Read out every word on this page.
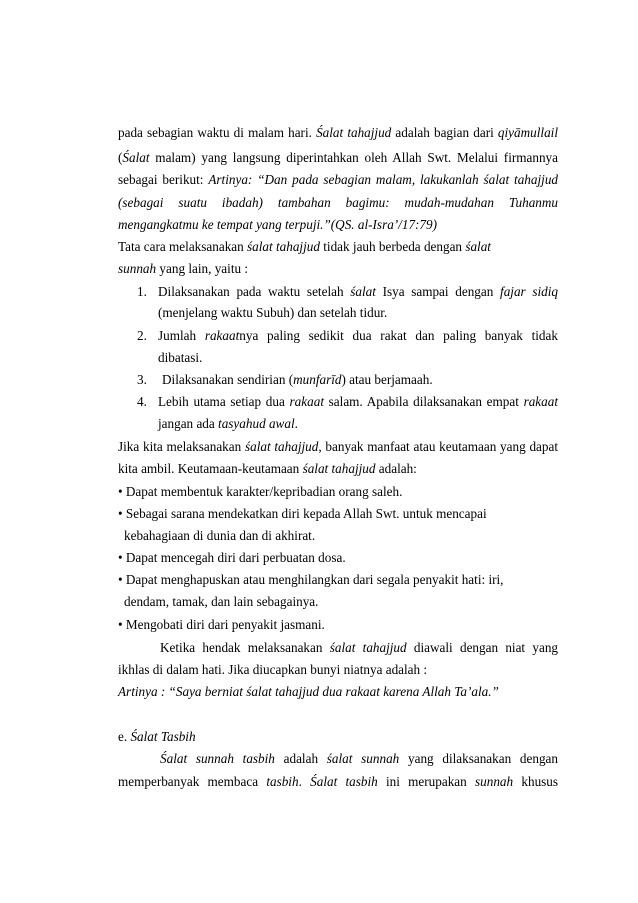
pada sebagian waktu di malam hari. Śalat tahajjud adalah bagian dari qiyāmullail
(Śalat malam) yang langsung diperintahkan oleh Allah Swt. Melalui firmannya
sebagai berikut: Artinya: “Dan pada sebagian malam, lakukanlah śalat tahajjud
(sebagai suatu ibadah) tambahan bagimu: mudah-mudahan Tuhanmu
mengangkatmu ke tempat yang terpuji.”(QS. al-Isra’/17:79)
Tata cara melaksanakan śalat tahajjud tidak jauh berbeda dengan śalat
sunnah yang lain, yaitu :
1. Dilaksanakan pada waktu setelah śalat Isya sampai dengan fajar sidiq
(menjelang waktu Subuh) dan setelah tidur.
2. Jumlah rakaatnya paling sedikit dua rakat dan paling banyak tidak
dibatasi.
3. Dilaksanakan sendirian (munfarīd) atau berjamaah.
4. Lebih utama setiap dua rakaat salam. Apabila dilaksanakan empat rakaat
jangan ada tasyahud awal.
Jika kita melaksanakan śalat tahajjud, banyak manfaat atau keutamaan yang dapat
kita ambil. Keutamaan-keutamaan śalat tahajjud adalah:
• Dapat membentuk karakter/kepribadian orang saleh.
• Sebagai sarana mendekatkan diri kepada Allah Swt. untuk mencapai
kebahagiaan di dunia dan di akhirat.
• Dapat mencegah diri dari perbuatan dosa.
• Dapat menghapuskan atau menghilangkan dari segala penyakit hati: iri,
dendam, tamak, dan lain sebagainya.
• Mengobati diri dari penyakit jasmani.
Ketika hendak melaksanakan śalat tahajjud diawali dengan niat yang
ikhlas di dalam hati. Jika diucapkan bunyi niatnya adalah :
Artinya : “Saya berniat śalat tahajjud dua rakaat karena Allah Ta’ala.”
e. Śalat Tasbih
Śalat sunnah tasbih adalah śalat sunnah yang dilaksanakan dengan
memperbanyak membaca tasbih. Śalat tasbih ini merupakan sunnah khusus
